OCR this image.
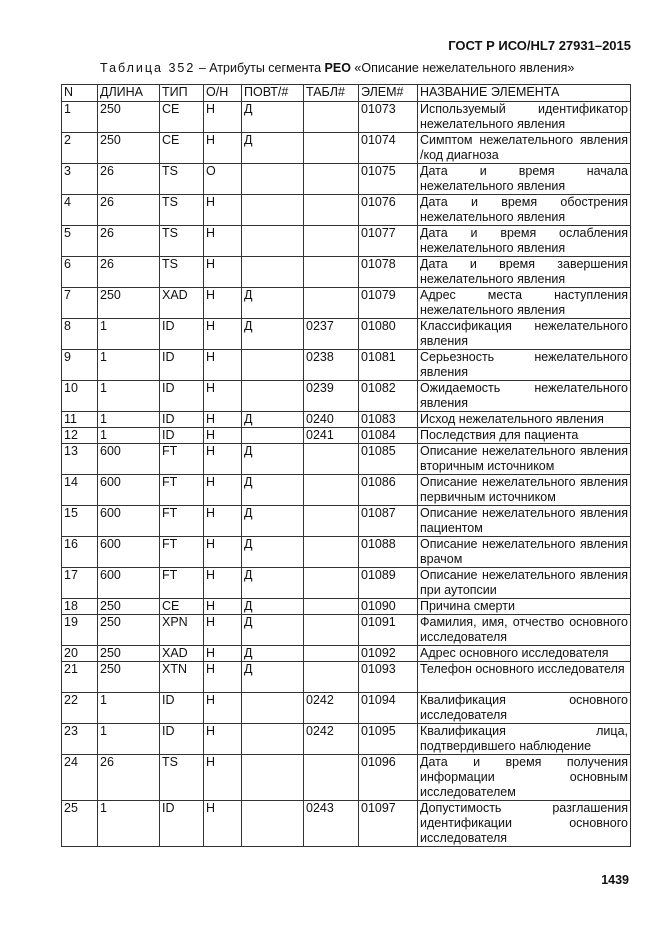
ГОСТ Р ИСО/HL7 27931–2015
Таблица 352 – Атрибуты сегмента PEO «Описание нежелательного явления»
N	ДЛИНА	ТИП	О/Н	ПОВТ/#	ТАБЛ#	ЭЛЕМ#	НАЗВАНИЕ ЭЛЕМЕНТА
1	250	CE	Н	Д		01073	Используемый идентификатор нежелательного явления
2	250	CE	Н	Д		01074	Симптом нежелательного явления /код диагноза
3	26	TS	О			01075	Дата и время начала нежелательного явления
4	26	TS	Н			01076	Дата и время обострения нежелательного явления
5	26	TS	Н			01077	Дата и время ослабления нежелательного явления
6	26	TS	Н			01078	Дата и время завершения нежелательного явления
7	250	XAD	Н	Д		01079	Адрес места наступления нежелательного явления
8	1	ID	Н	Д	0237	01080	Классификация нежелательного явления
9	1	ID	Н		0238	01081	Серьезность нежелательного явления
10	1	ID	Н		0239	01082	Ожидаемость нежелательного явления
11	1	ID	Н	Д	0240	01083	Исход нежелательного явления
12	1	ID	Н		0241	01084	Последствия для пациента
13	600	FT	Н	Д		01085	Описание нежелательного явления вторичным источником
14	600	FT	Н	Д		01086	Описание нежелательного явления первичным источником
15	600	FT	Н	Д		01087	Описание нежелательного явления пациентом
16	600	FT	Н	Д		01088	Описание нежелательного явления врачом
17	600	FT	Н	Д		01089	Описание нежелательного явления при аутопсии
18	250	CE	Н	Д		01090	Причина смерти
19	250	XPN	Н	Д		01091	Фамилия, имя, отчество основного исследователя
20	250	XAD	Н	Д		01092	Адрес основного исследователя
21	250	XTN	Н	Д		01093	Телефон основного исследователя
22	1	ID	Н		0242	01094	Квалификация основного исследователя
23	1	ID	Н		0242	01095	Квалификация лица, подтвердившего наблюдение
24	26	TS	Н			01096	Дата и время получения информации основным исследователем
25	1	ID	Н		0243	01097	Допустимость разглашения идентификации основного исследователя
1439
